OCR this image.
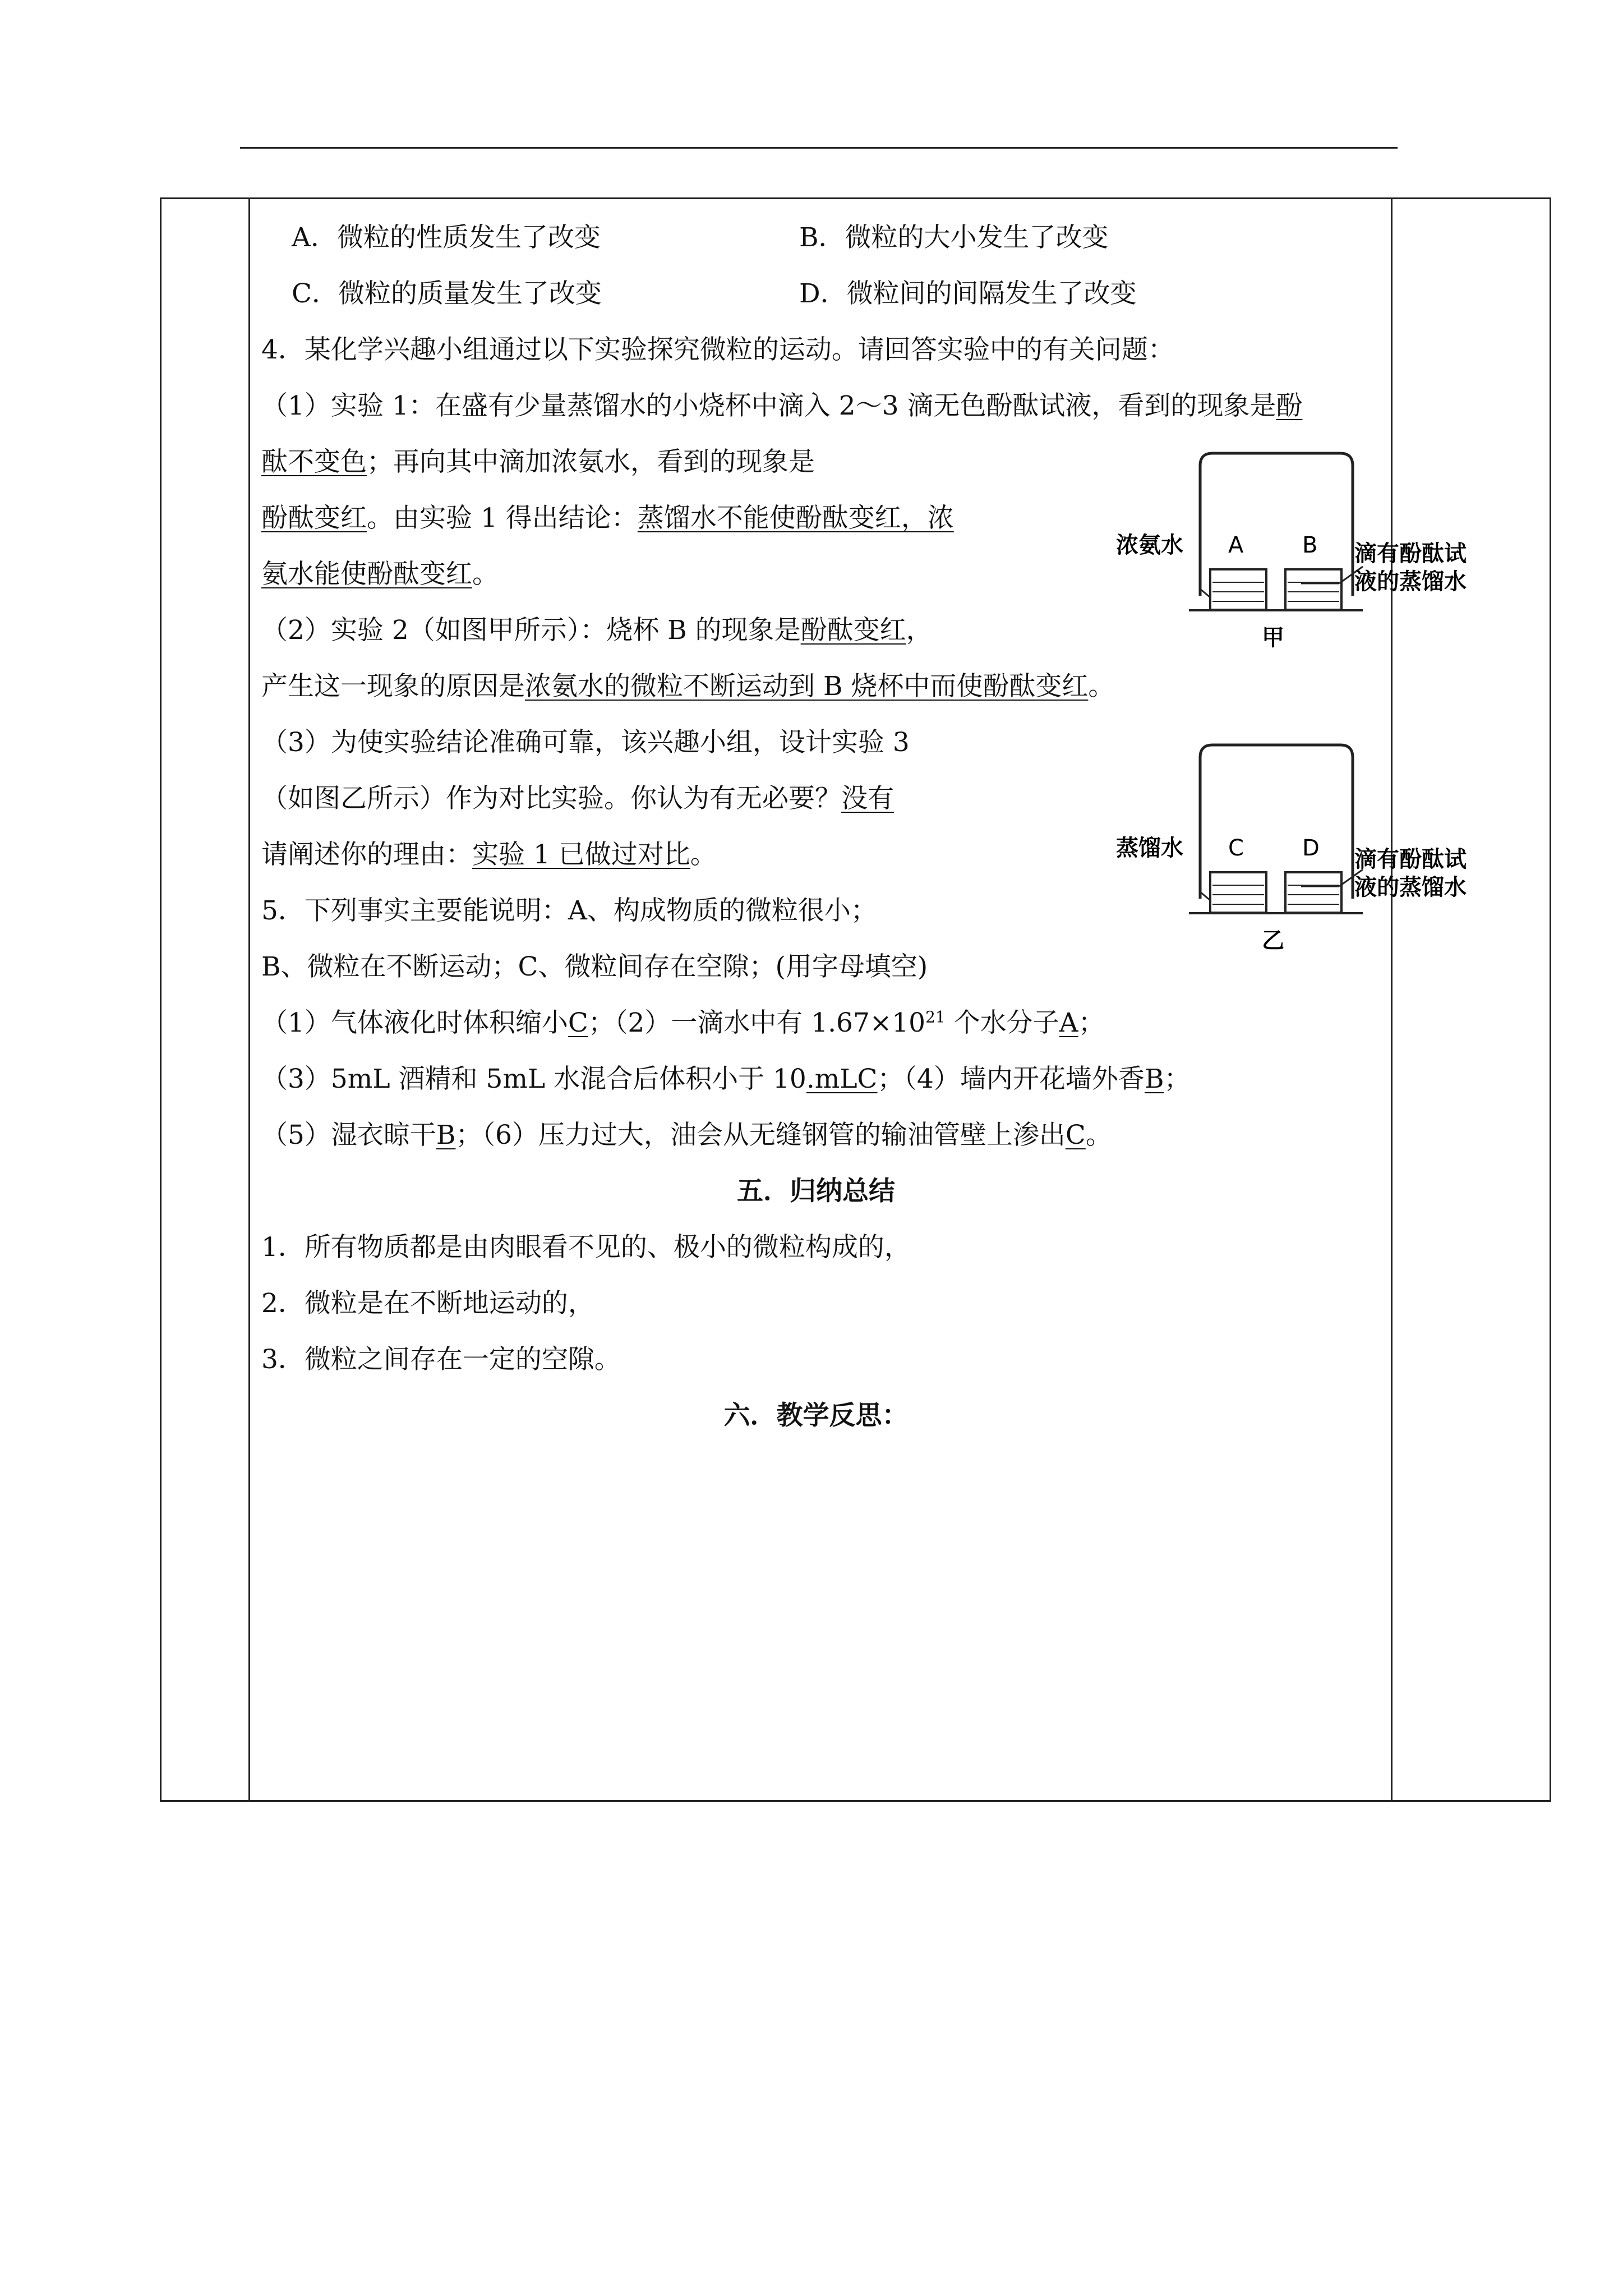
A．微粒的性质发生了改变	B．微粒的大小发生了改变
C．微粒的质量发生了改变	D．微粒间的间隔发生了改变
4．某化学兴趣小组通过以下实验探究微粒的运动。请回答实验中的有关问题：
（1）实验 1：在盛有少量蒸馏水的小烧杯中滴入 2～3 滴无色酚酞试液，看到的现象是酚
酞不变色；再向其中滴加浓氨水，看到的现象是
酚酞变红。由实验 1 得出结论：蒸馏水不能使酚酞变红，浓
氨水能使酚酞变红。
（2）实验 2（如图甲所示）：烧杯 B 的现象是酚酞变红，
产生这一现象的原因是浓氨水的微粒不断运动到 B 烧杯中而使酚酞变红。
（3）为使实验结论准确可靠，该兴趣小组，设计实验 3
（如图乙所示）作为对比实验。你认为有无必要？没有
请阐述你的理由：实验 1 已做过对比。
5．下列事实主要能说明：A、构成物质的微粒很小；
B、微粒在不断运动；C、微粒间存在空隙；(用字母填空)
（1）气体液化时体积缩小C；（2）一滴水中有 $1.67\times 10^{21}$ 个水分子A；
（3）5mL 酒精和 5mL 水混合后体积小于 10.mLC；（4）墙内开花墙外香B；
（5）湿衣晾干B；（6）压力过大，油会从无缝钢管的输油管壁上渗出C。
五．归纳总结
1．所有物质都是由肉眼看不见的、极小的微粒构成的，
2．微粒是在不断地运动的，
3．微粒之间存在一定的空隙。
六．教学反思：
浓氨水 A	B 滴有酚酞试
液的蒸馏水
甲
蒸馏水 C	D 滴有酚酞试
液的蒸馏水
乙
